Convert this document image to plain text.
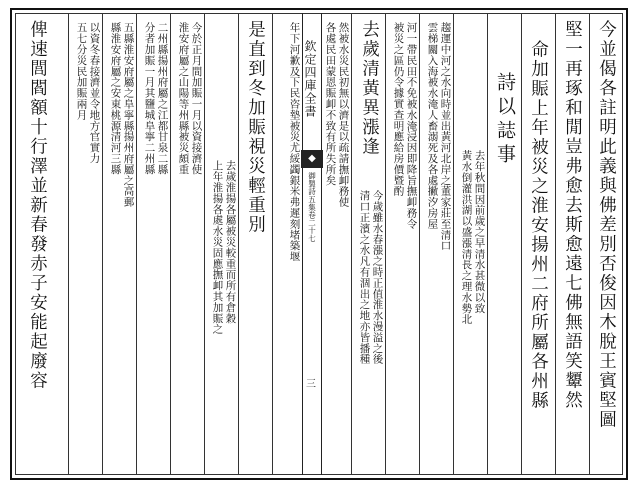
欽定四庫全書
◆
御製詩五集卷二十七
三	今並偈各註明此義與佛差別否俊因木脫王賓堅圖
堅一再琢和閒豈弗愈去斯愈遠七佛無語笑顰然
命加賑上年被災之淮安揚州二府所屬各州縣
詩以誌事
去年秋間因前歲之早清水甚微以致
黃水倒灌洪湖以盛漲清長之理水勢北
趨運中河之水向時並出黃河北岸之董家莊至清口
雲梯關入海被水淹人畜溺死及各處撇汐房屋
河一帶民田不免被水淹浸因即降旨撫卹務令
被災之區仍令據實查明應給房價暨酌
去歲清黃異漲逢
今歲雖水春漲之時正值淮水漫溢之後
清口正濱之水凡有涸出之地亦皆播種
然被水災民初無以濟是以疏請撫卹務使
各處民田蒙恩賑卹不致有所失所矣
年下河歉及下民咨墊被災尤綏蠲銀米弗遲刻堵築堰
是直到冬加賑視災輕重別
去歲淮揚各屬被災較重而所有倉穀
上年淮揚各處水災固應撫卹其加賑之
今於正月間加賑一月以資接濟使
淮安府屬之山陽等州縣被災頗重
二州縣揚州府屬之江都甘泉二縣
分者加賑一月其鹽城阜寧二州縣
五縣淮安府屬之阜寧縣揚州府屬之高郵
縣淮安府屬之安東桃源清河三縣
以資冬春接濟並令地方官實力
五七分災民加賑兩月
俾速閭閻額十行澤並新春發赤子安能起廢容
